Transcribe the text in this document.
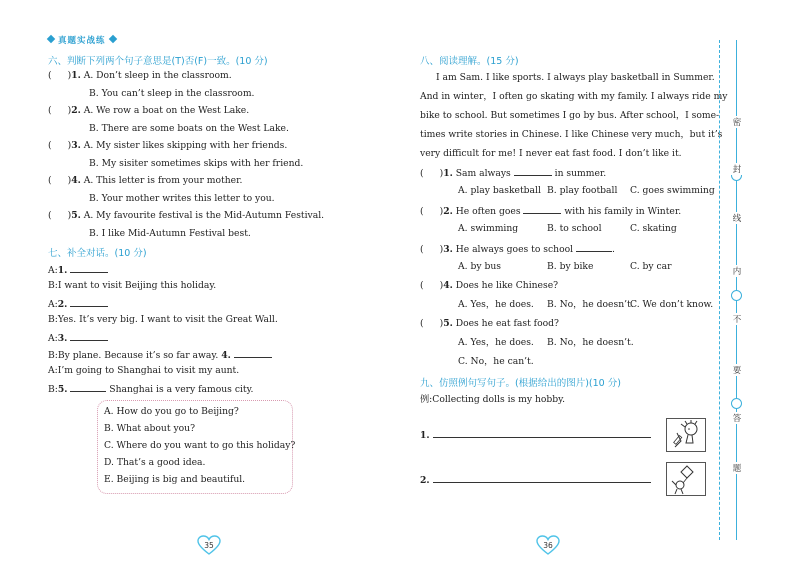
真题实战练
六、判断下列两个句子意思是(T)否(F)一致。(10 分)
( )1. A. Don’t sleep in the classroom.
B. You can’t sleep in the classroom.
( )2. A. We row a boat on the West Lake.
B. There are some boats on the West Lake.
( )3. A. My sister likes skipping with her friends.
B. My sisiter sometimes skips with her friend.
( )4. A. This letter is from your mother.
B. Your mother writes this letter to you.
( )5. A. My favourite festival is the Mid-Autumn Festival.
B. I like Mid-Autumn Festival best.
七、补全对话。(10 分)
A:1.
B:I want to visit Beijing this holiday.
A:2.
B:Yes. It’s very big. I want to visit the Great Wall.
A:3.
B:By plane. Because it’s so far away. 4.
A:I’m going to Shanghai to visit my aunt.
B:5.	Shanghai is a very famous city.
A. How do you go to Beijing?
B. What about you?
C. Where do you want to go this holiday?
D. That’s a good idea.
E. Beijing is big and beautiful.
35
八、阅读理解。(15 分)
I am Sam. I like sports. I always play basketball in Summer.
And in winter，I often go skating with my family. I always ride my
bike to school. But sometimes I go by bus. After school，I some-
times write stories in Chinese. I like Chinese very much，but it’s
very difficult for me! I never eat fast food. I don’t like it.
( )1. Sam always	in summer.
A. play basketball B. play football C. goes swimming
( )2. He often goes	with his family in Winter.
A. swimming	B. to school	C. skating
( )3. He always goes to school	.
A. by bus	B. by bike	C. by car
( )4. Does he like Chinese?
A. Yes，he does. B. No，he doesn’t.
C. We don’t know.
( )5. Does he eat fast food?
A. Yes，he does. B. No，he doesn’t.
C. No，he can’t.
九、仿照例句写句子。(根据给出的图片)(10 分)
例:Collecting dolls is my hobby.
1.
2.
36
密
封
线
内
不
要
答
题
